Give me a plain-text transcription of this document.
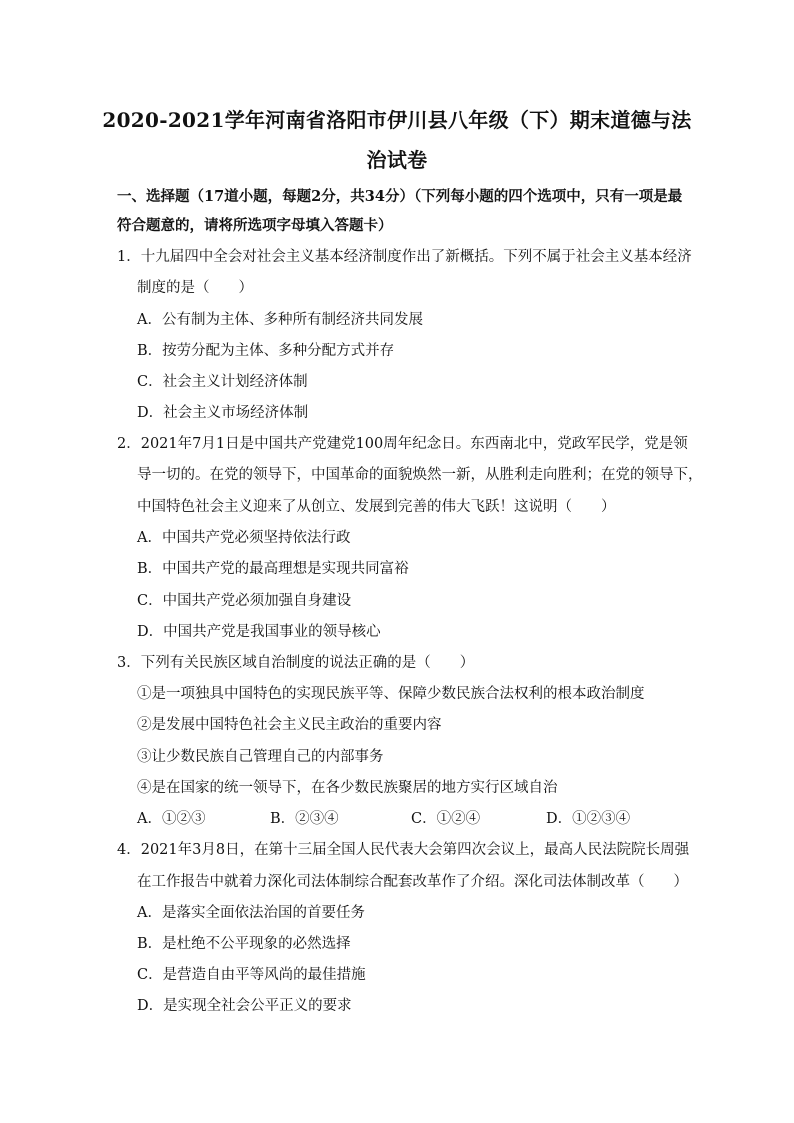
2020-2021学年河南省洛阳市伊川县八年级（下）期末道德与法治试卷
一、选择题（17道小题，每题2分，共34分）（下列每小题的四个选项中，只有一项是最符合题意的，请将所选项字母填入答题卡）
1．十九届四中全会对社会主义基本经济制度作出了新概括。下列不属于社会主义基本经济
制度的是（　　）
A．公有制为主体、多种所有制经济共同发展
B．按劳分配为主体、多种分配方式并存
C．社会主义计划经济体制
D．社会主义市场经济体制
2．2021年7月1日是中国共产党建党100周年纪念日。东西南北中，党政军民学，党是领
导一切的。在党的领导下，中国革命的面貌焕然一新，从胜利走向胜利；在党的领导下，
中国特色社会主义迎来了从创立、发展到完善的伟大飞跃！这说明（　　）
A．中国共产党必须坚持依法行政
B．中国共产党的最高理想是实现共同富裕
C．中国共产党必须加强自身建设
D．中国共产党是我国事业的领导核心
3．下列有关民族区域自治制度的说法正确的是（　　）
①是一项独具中国特色的实现民族平等、保障少数民族合法权利的根本政治制度
②是发展中国特色社会主义民主政治的重要内容
③让少数民族自己管理自己的内部事务
④是在国家的统一领导下，在各少数民族聚居的地方实行区域自治
A．①②③	B．②③④	C．①②④	D．①②③④
4．2021年3月8日，在第十三届全国人民代表大会第四次会议上，最高人民法院院长周强
在工作报告中就着力深化司法体制综合配套改革作了介绍。深化司法体制改革（　　）
A．是落实全面依法治国的首要任务
B．是杜绝不公平现象的必然选择
C．是营造自由平等风尚的最佳措施
D．是实现全社会公平正义的要求
